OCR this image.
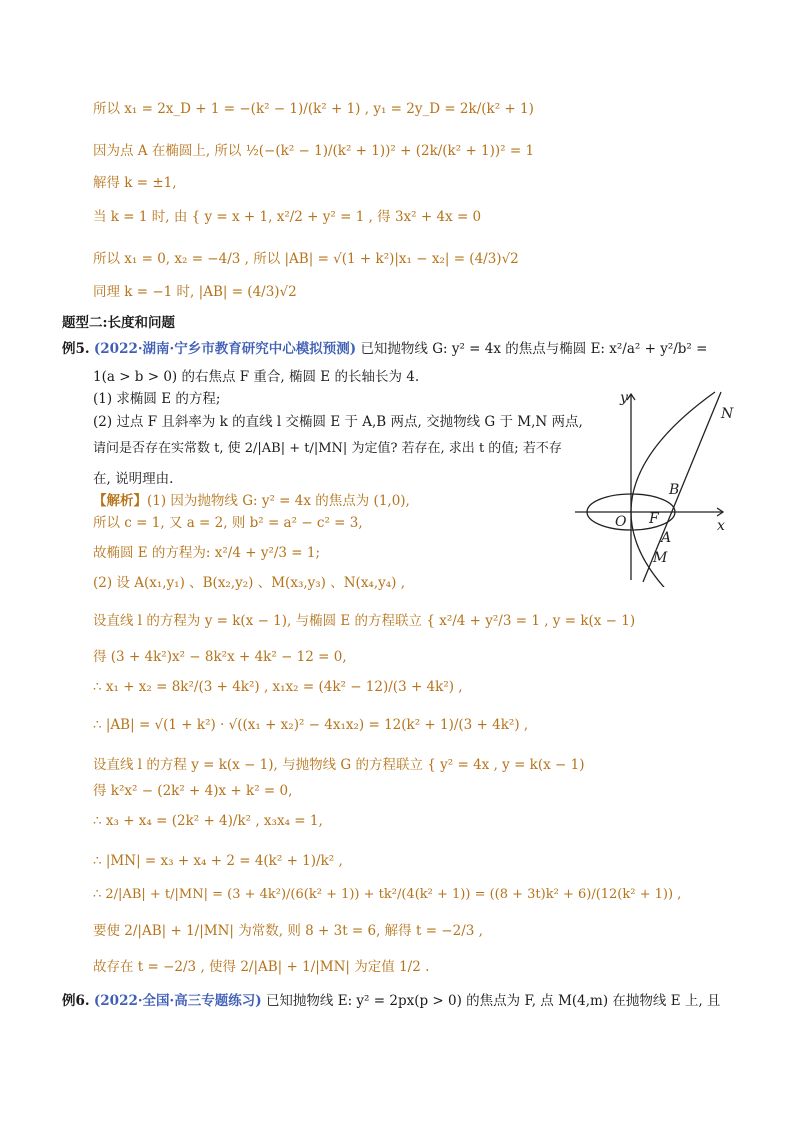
所以 x₁ = 2x_D + 1 = −(k² − 1)/(k² + 1) , y₁ = 2y_D = 2k/(k² + 1)
因为点 A 在椭圆上, 所以 ½(−(k² − 1)/(k² + 1))² + (2k/(k² + 1))² = 1
解得 k = ±1,
当 k = 1 时, 由 { y = x + 1, x²/2 + y² = 1 , 得 3x² + 4x = 0
所以 x₁ = 0, x₂ = −4/3 , 所以 |AB| = √(1 + k²)|x₁ − x₂| = (4/3)√2
同理 k = −1 时, |AB| = (4/3)√2
题型二:长度和问题
例5. (2022·湖南·宁乡市教育研究中心模拟预测) 已知抛物线 G: y² = 4x 的焦点与椭圆 E: x²/a² + y²/b² =
1(a > b > 0) 的右焦点 F 重合, 椭圆 E 的长轴长为 4.
(1) 求椭圆 E 的方程;
(2) 过点 F 且斜率为 k 的直线 l 交椭圆 E 于 A,B 两点, 交抛物线 G 于 M,N 两点,
请问是否存在实常数 t, 使 2/|AB| + t/|MN| 为定值? 若存在, 求出 t 的值; 若不存
在, 说明理由.
【解析】(1) 因为抛物线 G: y² = 4x 的焦点为 (1,0),
所以 c = 1, 又 a = 2, 则 b² = a² − c² = 3,
故椭圆 E 的方程为: x²/4 + y²/3 = 1;
(2) 设 A(x₁,y₁) 、B(x₂,y₂) 、M(x₃,y₃) 、N(x₄,y₄) ,
设直线 l 的方程为 y = k(x − 1), 与椭圆 E 的方程联立 { x²/4 + y²/3 = 1 , y = k(x − 1)
得 (3 + 4k²)x² − 8k²x + 4k² − 12 = 0,
∴ x₁ + x₂ = 8k²/(3 + 4k²) , x₁x₂ = (4k² − 12)/(3 + 4k²) ,
∴ |AB| = √(1 + k²) · √((x₁ + x₂)² − 4x₁x₂) = 12(k² + 1)/(3 + 4k²) ,
设直线 l 的方程 y = k(x − 1), 与抛物线 G 的方程联立 { y² = 4x , y = k(x − 1)
得 k²x² − (2k² + 4)x + k² = 0,
∴ x₃ + x₄ = (2k² + 4)/k² , x₃x₄ = 1,
∴ |MN| = x₃ + x₄ + 2 = 4(k² + 1)/k² ,
∴ 2/|AB| + t/|MN| = (3 + 4k²)/(6(k² + 1)) + tk²/(4(k² + 1)) = ((8 + 3t)k² + 6)/(12(k² + 1)) ,
要使 2/|AB| + 1/|MN| 为常数, 则 8 + 3t = 6, 解得 t = −2/3 ,
故存在 t = −2/3 , 使得 2/|AB| + 1/|MN| 为定值 1/2 .
例6. (2022·全国·高三专题练习) 已知抛物线 E: y² = 2px(p > 0) 的焦点为 F, 点 M(4,m) 在抛物线 E 上, 且
y
x
O F
A
B
M
N
